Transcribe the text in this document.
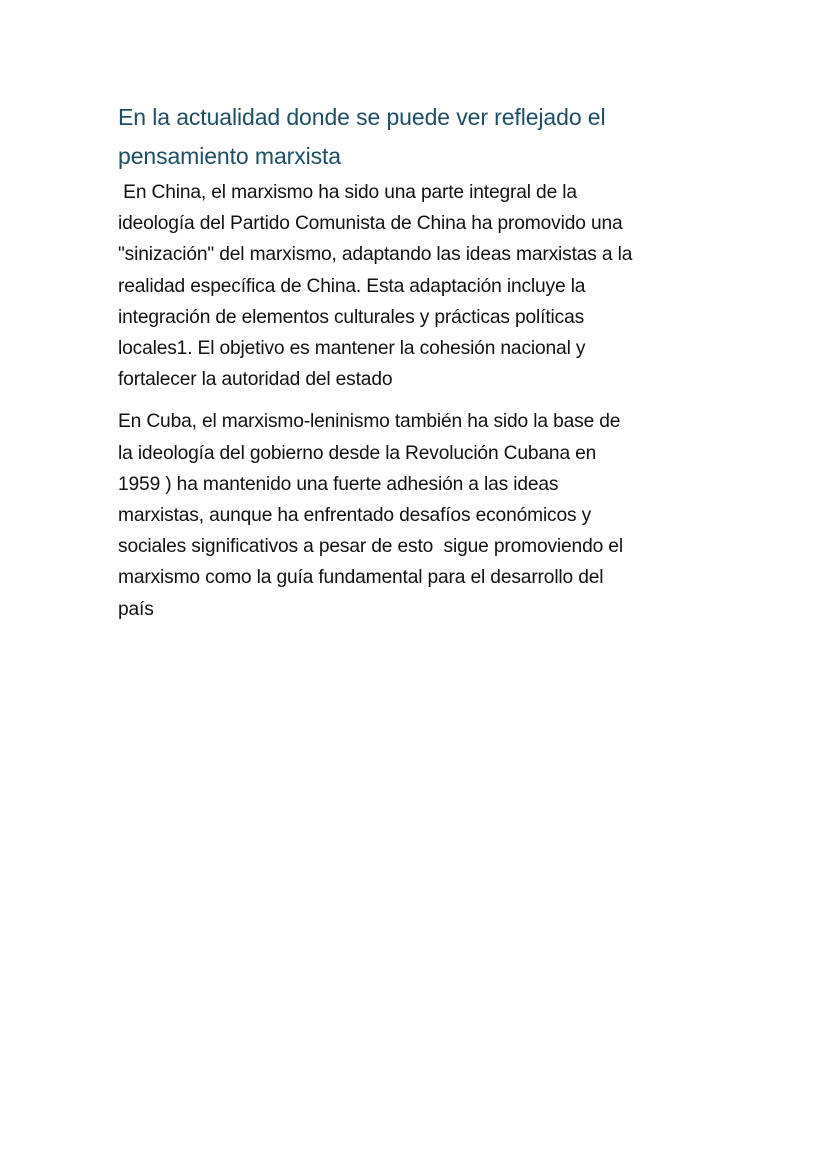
En la actualidad donde se puede ver reflejado el
pensamiento marxista

En China, el marxismo ha sido una parte integral de la
ideología del Partido Comunista de China ha promovido una
"sinización" del marxismo, adaptando las ideas marxistas a la
realidad específica de China. Esta adaptación incluye la
integración de elementos culturales y prácticas políticas
locales1. El objetivo es mantener la cohesión nacional y
fortalecer la autoridad del estado

En Cuba, el marxismo-leninismo también ha sido la base de
la ideología del gobierno desde la Revolución Cubana en
1959 ) ha mantenido una fuerte adhesión a las ideas
marxistas, aunque ha enfrentado desafíos económicos y
sociales significativos a pesar de esto  sigue promoviendo el
marxismo como la guía fundamental para el desarrollo del
país
